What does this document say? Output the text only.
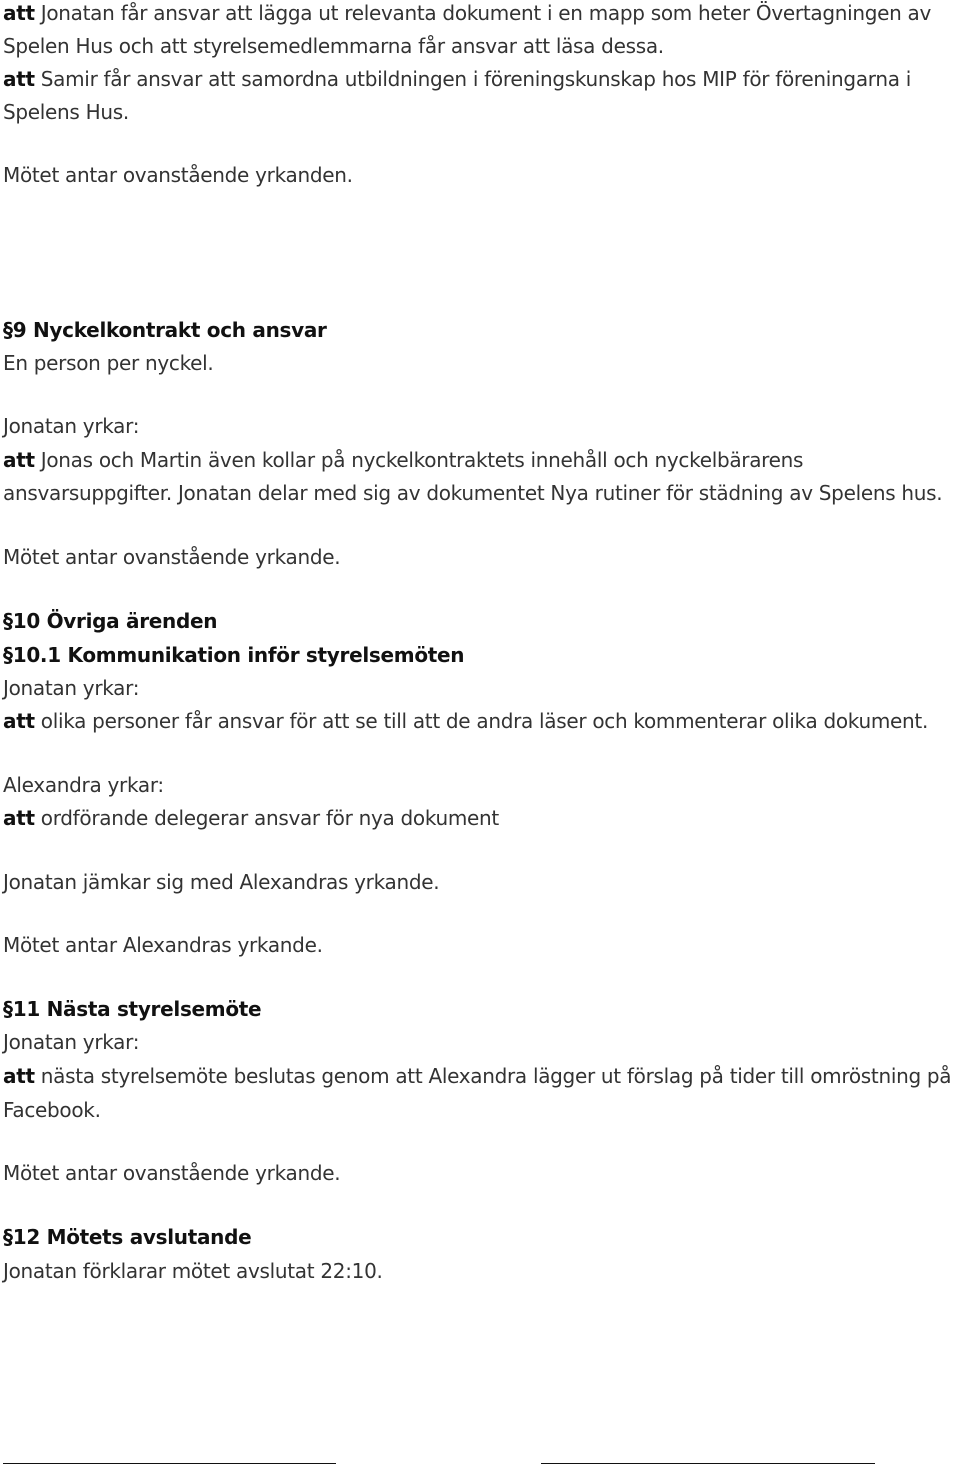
att Jonatan får ansvar att lägga ut relevanta dokument i en mapp som heter Övertagningen av
Spelen Hus och att styrelsemedlemmarna får ansvar att läsa dessa.
att Samir får ansvar att samordna utbildningen i föreningskunskap hos MIP för föreningarna i
Spelens Hus.
Mötet antar ovanstående yrkanden.
§9 Nyckelkontrakt och ansvar
En person per nyckel.
Jonatan yrkar:
att Jonas och Martin även kollar på nyckelkontraktets innehåll och nyckelbärarens
ansvarsuppgifter. Jonatan delar med sig av dokumentet Nya rutiner för städning av Spelens hus.
Mötet antar ovanstående yrkande.
§10 Övriga ärenden
§10.1 Kommunikation inför styrelsemöten
Jonatan yrkar:
att olika personer får ansvar för att se till att de andra läser och kommenterar olika dokument.
Alexandra yrkar:
att ordförande delegerar ansvar för nya dokument
Jonatan jämkar sig med Alexandras yrkande.
Mötet antar Alexandras yrkande.
§11 Nästa styrelsemöte
Jonatan yrkar:
att nästa styrelsemöte beslutas genom att Alexandra lägger ut förslag på tider till omröstning på
Facebook.
Mötet antar ovanstående yrkande.
§12 Mötets avslutande
Jonatan förklarar mötet avslutat 22:10.
